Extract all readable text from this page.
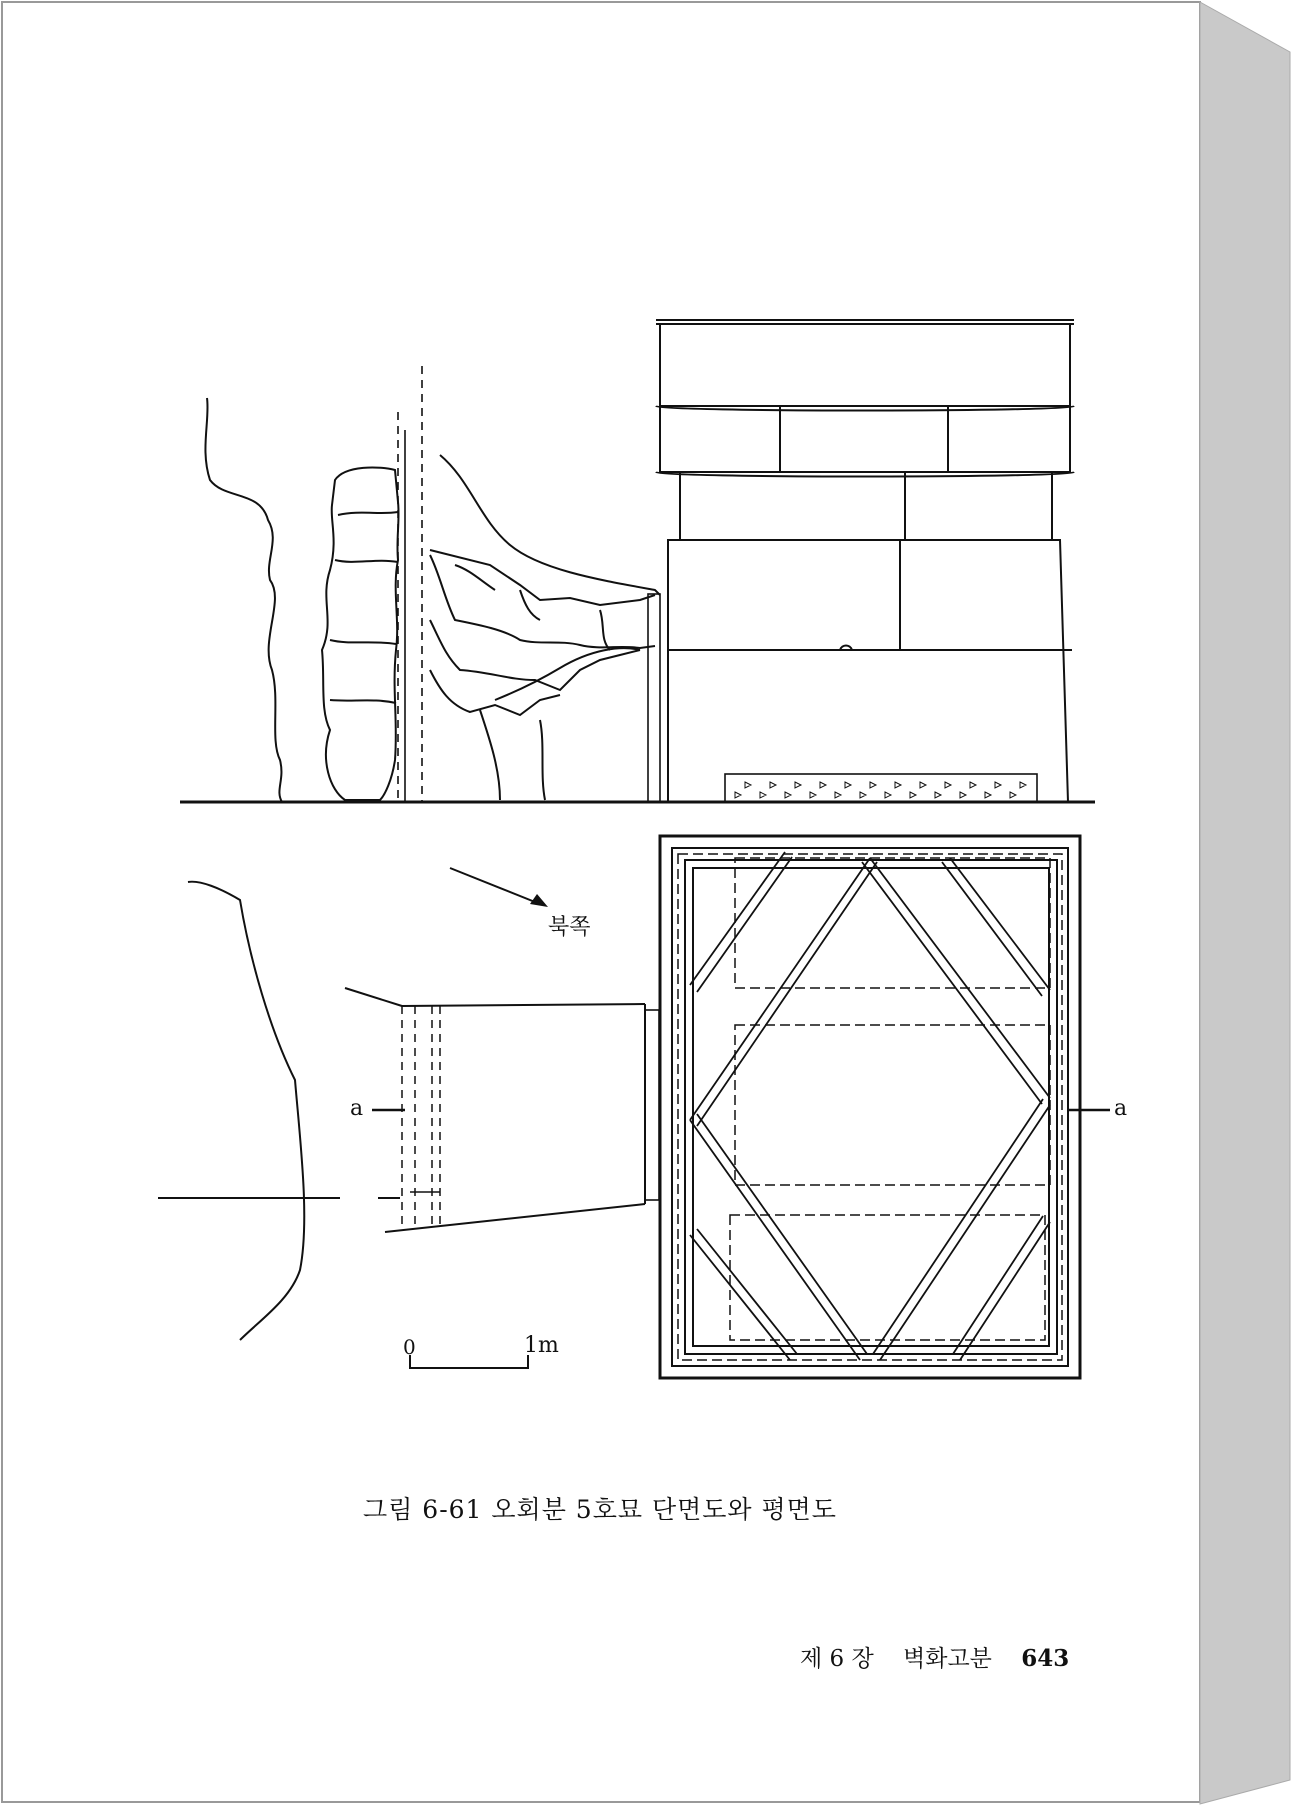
북쪽
a	a
0	1m
그림 6-61 오회분 5호묘 단면도와 평면도
제 6 장 벽화고분 643
